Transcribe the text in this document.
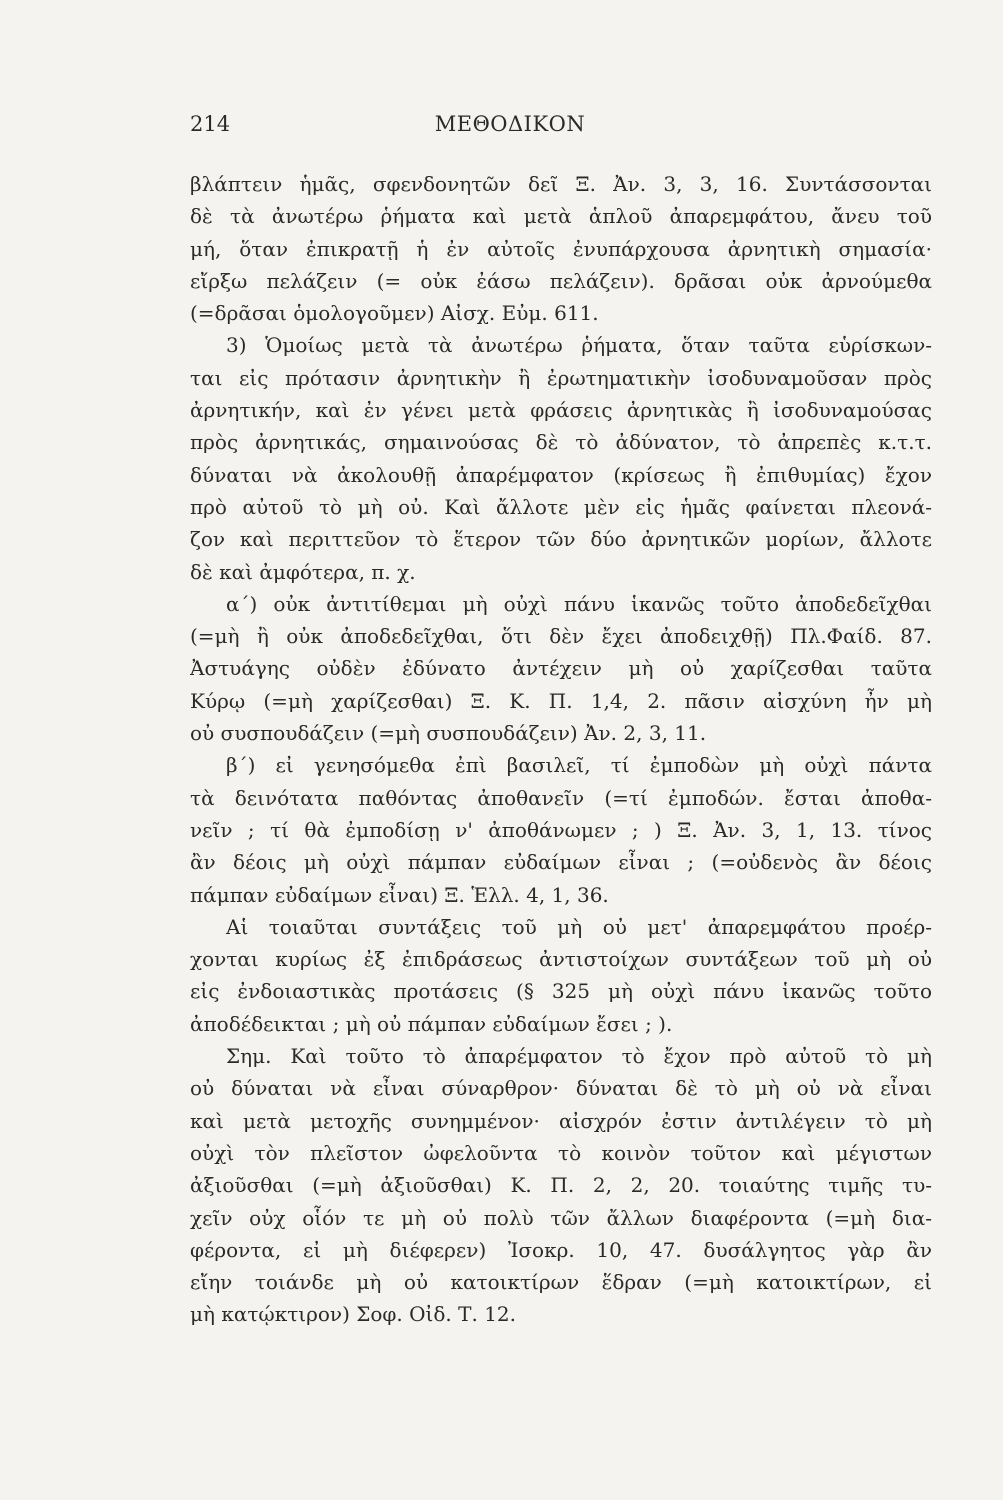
214	ΜΕΘΟΔΙΚΟΝ
βλάπτειν ἡμᾶς, σφενδονητῶν δεῖ Ξ. Ἀν. 3, 3, 16. Συντάσσονται
δὲ τὰ ἀνωτέρω ῥήματα καὶ μετὰ ἁπλοῦ ἀπαρεμφάτου, ἄνευ τοῦ
μή, ὅταν ἐπικρατῇ ἡ ἐν αὐτοῖς ἐνυπάρχουσα ἀρνητικὴ σημασία·
εἴρξω πελάζειν (= οὐκ ἐάσω πελάζειν). δρᾶσαι οὐκ ἀρνούμεθα
(=δρᾶσαι ὁμολογοῦμεν) Αἰσχ. Εὐμ. 611.
3) Ὁμοίως μετὰ τὰ ἀνωτέρω ῥήματα, ὅταν ταῦτα εὑρίσκων-
ται εἰς πρότασιν ἀρνητικὴν ἢ ἐρωτηματικὴν ἰσοδυναμοῦσαν πρὸς
ἀρνητικήν, καὶ ἐν γένει μετὰ φράσεις ἀρνητικὰς ἢ ἰσοδυναμούσας
πρὸς ἀρνητικάς, σημαινούσας δὲ τὸ ἀδύνατον, τὸ ἀπρεπὲς κ.τ.τ.
δύναται νὰ ἀκολουθῇ ἀπαρέμφατον (κρίσεως ἢ ἐπιθυμίας) ἔχον
πρὸ αὐτοῦ τὸ μὴ οὐ. Καὶ ἄλλοτε μὲν εἰς ἡμᾶς φαίνεται πλεονά-
ζον καὶ περιττεῦον τὸ ἕτερον τῶν δύο ἀρνητικῶν μορίων, ἄλλοτε
δὲ καὶ ἀμφότερα, π. χ.
α΄) οὐκ ἀντιτίθεμαι μὴ οὐχὶ πάνυ ἱκανῶς τοῦτο ἀποδεδεῖχθαι
(=μὴ ἢ οὐκ ἀποδεδεῖχθαι, ὅτι δὲν ἔχει ἀποδειχθῇ) Πλ.Φαίδ. 87.
Ἀστυάγης οὐδὲν ἐδύνατο ἀντέχειν μὴ οὐ χαρίζεσθαι ταῦτα
Κύρῳ (=μὴ χαρίζεσθαι) Ξ. Κ. Π. 1,4, 2. πᾶσιν αἰσχύνη ἦν μὴ
οὐ συσπουδάζειν (=μὴ συσπουδάζειν) Ἀν. 2, 3, 11.
β΄) εἰ γενησόμεθα ἐπὶ βασιλεῖ, τί ἐμποδὼν μὴ οὐχὶ πάντα
τὰ δεινότατα παθόντας ἀποθανεῖν (=τί ἐμποδών. ἔσται ἀποθα-
νεῖν ; τί θὰ ἐμποδίσῃ ν' ἀποθάνωμεν ; ) Ξ. Ἀν. 3, 1, 13. τίνος
ἂν δέοις μὴ οὐχὶ πάμπαν εὐδαίμων εἶναι ; (=οὐδενὸς ἂν δέοις
πάμπαν εὐδαίμων εἶναι) Ξ. Ἑλλ. 4, 1, 36.
Αἱ τοιαῦται συντάξεις τοῦ μὴ οὐ μετ' ἀπαρεμφάτου προέρ-
χονται κυρίως ἐξ ἐπιδράσεως ἀντιστοίχων συντάξεων τοῦ μὴ οὐ
εἰς ἐνδοιαστικὰς προτάσεις (§ 325 μὴ οὐχὶ πάνυ ἱκανῶς τοῦτο
ἀποδέδεικται ; μὴ οὐ πάμπαν εὐδαίμων ἔσει ; ).
Σημ. Καὶ τοῦτο τὸ ἀπαρέμφατον τὸ ἔχον πρὸ αὐτοῦ τὸ μὴ
οὐ δύναται νὰ εἶναι σύναρθρον· δύναται δὲ τὸ μὴ οὐ νὰ εἶναι
καὶ μετὰ μετοχῆς συνημμένον· αἰσχρόν ἐστιν ἀντιλέγειν τὸ μὴ
οὐχὶ τὸν πλεῖστον ὠφελοῦντα τὸ κοινὸν τοῦτον καὶ μέγιστων
ἀξιοῦσθαι (=μὴ ἀξιοῦσθαι) Κ. Π. 2, 2, 20. τοιαύτης τιμῆς τυ-
χεῖν οὐχ οἷόν τε μὴ οὐ πολὺ τῶν ἄλλων διαφέροντα (=μὴ δια-
φέροντα, εἰ μὴ διέφερεν) Ἰσοκρ. 10, 47. δυσάλγητος γὰρ ἂν
εἴην τοιάνδε μὴ οὐ κατοικτίρων ἕδραν (=μὴ κατοικτίρων, εἰ
μὴ κατῴκτιρον) Σοφ. Οἰδ. Τ. 12.
